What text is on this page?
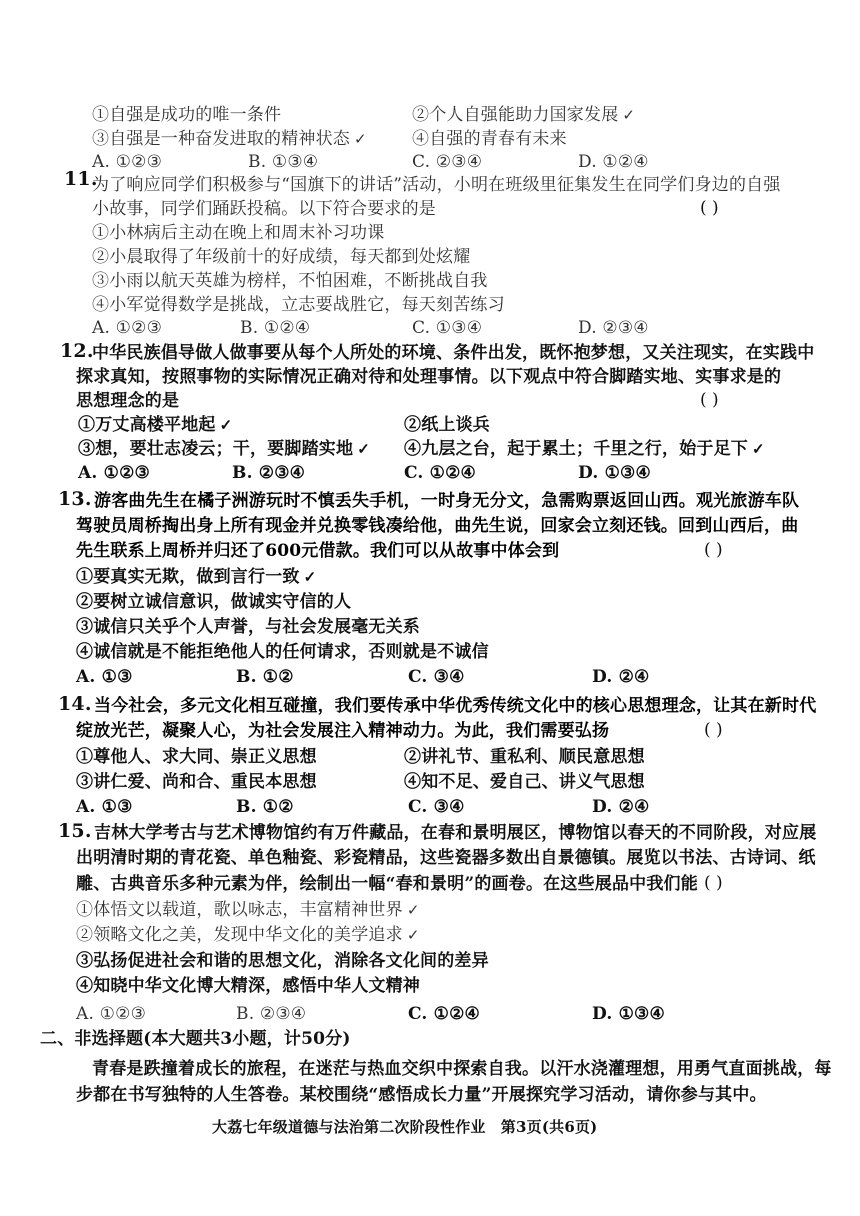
①自强是成功的唯一条件	②个人自强能助力国家发展 ✓
③自强是一种奋发进取的精神状态 ✓	④自强的青春有未来
A. ①②③	B. ①③④	C. ②③④	D. ①②④
11.
为了响应同学们积极参与“国旗下的讲话”活动，小明在班级里征集发生在同学们身边的自强
小故事，同学们踊跃投稿。以下符合要求的是	( )
①小林病后主动在晚上和周末补习功课
②小晨取得了年级前十的好成绩，每天都到处炫耀
③小雨以航天英雄为榜样，不怕困难，不断挑战自我
④小军觉得数学是挑战，立志要战胜它，每天刻苦练习
A. ①②③	B. ①②④	C. ①③④	D. ②③④
12.
中华民族倡导做人做事要从每个人所处的环境、条件出发，既怀抱梦想，又关注现实，在实践中
探求真知，按照事物的实际情况正确对待和处理事情。以下观点中符合脚踏实地、实事求是的
思想理念的是	( )
①万丈高楼平地起 ✓	②纸上谈兵
③想，要壮志凌云；干，要脚踏实地 ✓ ④九层之台，起于累土；千里之行，始于足下 ✓
A. ①②③	B. ②③④	C. ①②④	D. ①③④
13. 游客曲先生在橘子洲游玩时不慎丢失手机，一时身无分文，急需购票返回山西。观光旅游车队
驾驶员周桥掏出身上所有现金并兑换零钱凑给他，曲先生说，回家会立刻还钱。回到山西后，曲
先生联系上周桥并归还了600元借款。我们可以从故事中体会到	( )
①要真实无欺，做到言行一致 ✓
②要树立诚信意识，做诚实守信的人
③诚信只关乎个人声誉，与社会发展毫无关系
④诚信就是不能拒绝他人的任何请求，否则就是不诚信
A. ①③	B. ①②	C. ③④	D. ②④
14. 当今社会，多元文化相互碰撞，我们要传承中华优秀传统文化中的核心思想理念，让其在新时代
绽放光芒，凝聚人心，为社会发展注入精神动力。为此，我们需要弘扬	( )
①尊他人、求大同、崇正义思想	②讲礼节、重私利、顺民意思想
③讲仁爱、尚和合、重民本思想	④知不足、爱自己、讲义气思想
A. ①③	B. ①②	C. ③④	D. ②④
15. 吉林大学考古与艺术博物馆约有万件藏品，在春和景明展区，博物馆以春天的不同阶段，对应展
出明清时期的青花瓷、单色釉瓷、彩瓷精品，这些瓷器多数出自景德镇。展览以书法、古诗词、纸
雕、古典音乐多种元素为伴，绘制出一幅“春和景明”的画卷。在这些展品中我们能 ( )
①体悟文以载道，歌以咏志，丰富精神世界 ✓
②领略文化之美，发现中华文化的美学追求 ✓
③弘扬促进社会和谐的思想文化，消除各文化间的差异
④知晓中华文化博大精深，感悟中华人文精神
A. ①②③	B. ②③④	C. ①②④	D. ①③④
二、非选择题(本大题共3小题，计50分)
青春是跌撞着成长的旅程，在迷茫与热血交织中探索自我。以汗水浇灌理想，用勇气直面挑战，每
步都在书写独特的人生答卷。某校围绕“感悟成长力量”开展探究学习活动，请你参与其中。
大荔七年级道德与法治第二次阶段性作业　第3页(共6页)
